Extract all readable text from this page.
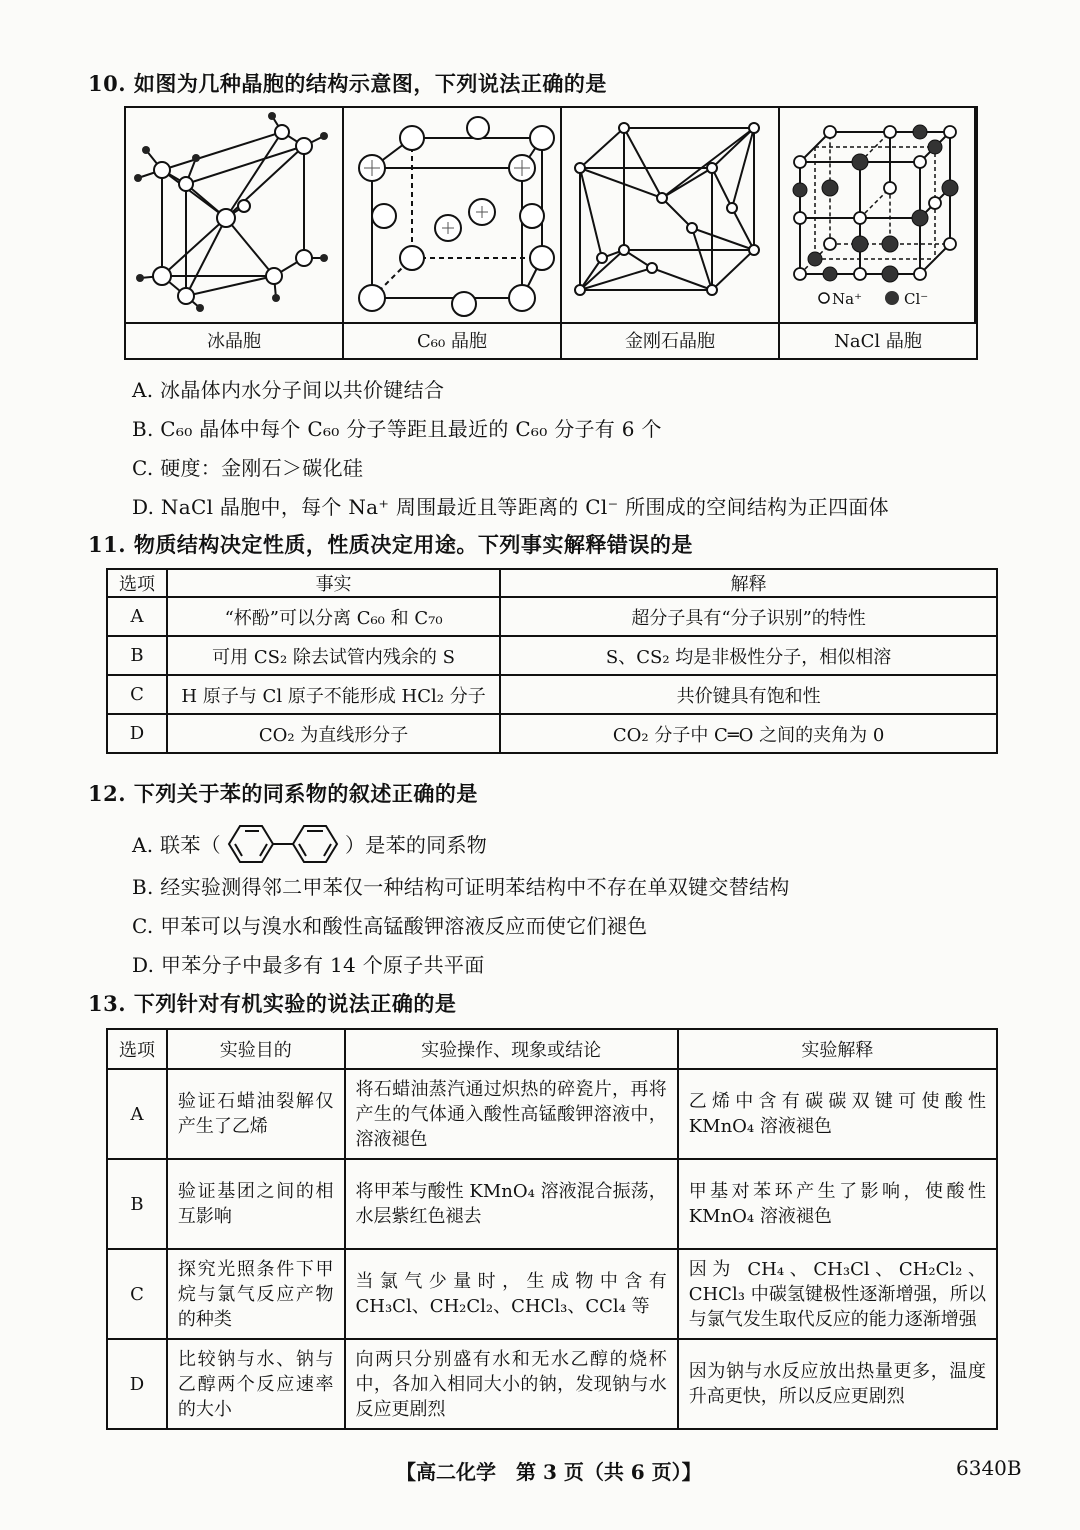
10. 如图为几种晶胞的结构示意图，下列说法正确的是
Na⁺	Cl⁻
冰晶胞	C₆₀ 晶胞	金刚石晶胞	NaCl 晶胞
A. 冰晶体内水分子间以共价键结合
B. C₆₀ 晶体中每个 C₆₀ 分子等距且最近的 C₆₀ 分子有 6 个
C. 硬度：金刚石＞碳化硅
D. NaCl 晶胞中，每个 Na⁺ 周围最近且等距离的 Cl⁻ 所围成的空间结构为正四面体
11. 物质结构决定性质，性质决定用途。下列事实解释错误的是
选项	事实	解释
A	“杯酚”可以分离 C₆₀ 和 C₇₀	超分子具有“分子识别”的特性
B	可用 CS₂ 除去试管内残余的 S	S、CS₂ 均是非极性分子，相似相溶
C	H 原子与 Cl 原子不能形成 HCl₂ 分子	共价键具有饱和性
D	CO₂ 为直线形分子	CO₂ 分子中 C═O 之间的夹角为 0
12. 下列关于苯的同系物的叙述正确的是
A. 联苯（	）是苯的同系物
B. 经实验测得邻二甲苯仅一种结构可证明苯结构中不存在单双键交替结构
C. 甲苯可以与溴水和酸性高锰酸钾溶液反应而使它们褪色
D. 甲苯分子中最多有 14 个原子共平面
13. 下列针对有机实验的说法正确的是
选项	实验目的	实验操作、现象或结论	实验解释
A	验证石蜡油裂解仅产生了乙烯	将石蜡油蒸汽通过炽热的碎瓷片，再将产生的气体通入酸性高锰酸钾溶液中，溶液褪色	乙烯中含有碳碳双键可使酸性 KMnO₄ 溶液褪色
B	验证基团之间的相互影响	将甲苯与酸性 KMnO₄ 溶液混合振荡，水层紫红色褪去	甲基对苯环产生了影响，使酸性 KMnO₄ 溶液褪色
C	探究光照条件下甲烷与氯气反应产物的种类	当氯气少量时，生成物中含有 CH₃Cl、CH₂Cl₂、CHCl₃、CCl₄ 等	因为 CH₄、CH₃Cl、CH₂Cl₂、CHCl₃ 中碳氢键极性逐渐增强，所以与氯气发生取代反应的能力逐渐增强
D	比较钠与水、钠与乙醇两个反应速率的大小	向两只分别盛有水和无水乙醇的烧杯中，各加入相同大小的钠，发现钠与水反应更剧烈	因为钠与水反应放出热量更多，温度升高更快，所以反应更剧烈
【高二化学　第 3 页（共 6 页）】	6340B
